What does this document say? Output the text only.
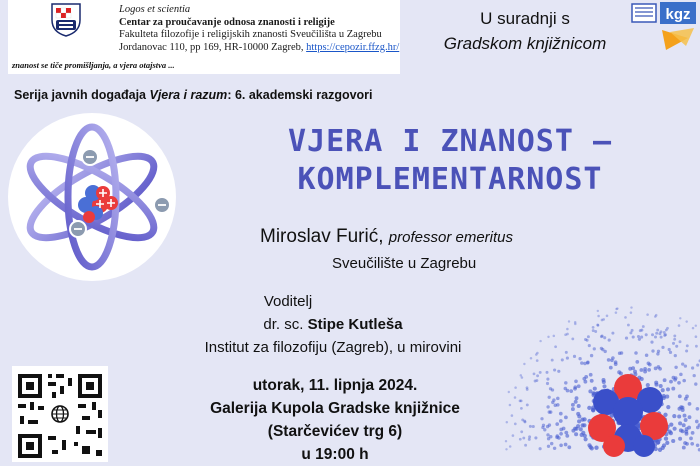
Logos et scientia
Centar za proučavanje odnosa znanosti i religije
Fakulteta filozofije i religijskih znanosti Sveučilišta u Zagrebu
Jordanovac 110, pp 169, HR-10000 Zagreb, https://cepozir.ffzg.hr/
znanost se tiče promišljanja, a vjera otajstva ...
U suradnji s
Gradskom knjižnicom
kgz
Serija javnih događaja Vjera i razum: 6. akademski razgovori
VJERA I ZNANOST –
KOMPLEMENTARNOST
Miroslav Furić, professor emeritus
Sveučilište u Zagrebu
Voditelj
dr. sc. Stipe Kutleša
Institut za filozofiju (Zagreb), u mirovini
utorak, 11. lipnja 2024.
Galerija Kupola Gradske knjižnice
(Starčevićev trg 6)
u 19:00 h
